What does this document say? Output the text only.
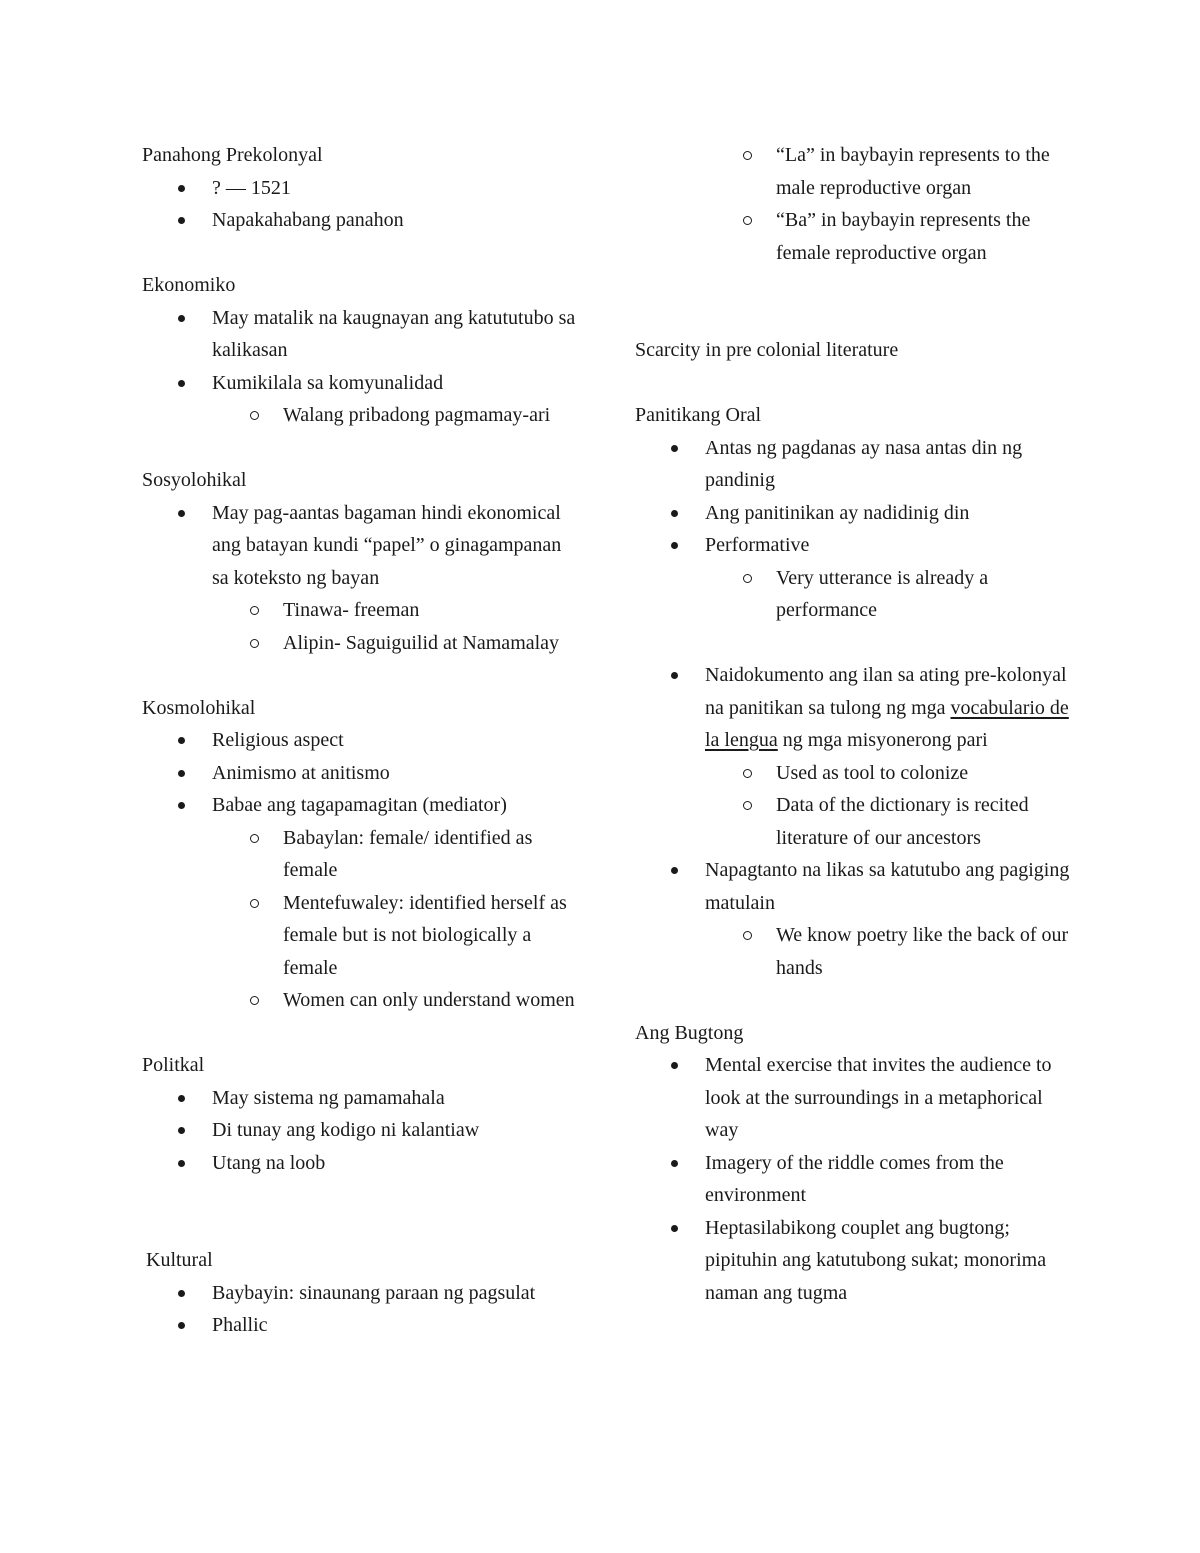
Panahong Prekolonyal

? — 1521
Napakahabang panahon

Ekonomiko

May matalik na kaugnayan ang katututubo sa kalikasan
Kumikilala sa komyunalidad
Walang pribadong pagmamay-ari

Sosyolohikal

May pag-aantas bagaman hindi ekonomical ang batayan kundi “papel” o ginagampanan sa koteksto ng bayan
Tinawa- freeman
Alipin- Saguiguilid at Namamalay

Kosmolohikal

Religious aspect
Animismo at anitismo
Babae ang tagapamagitan (mediator)
Babaylan: female/ identified as female
Mentefuwaley: identified herself as female but is not biologically a female
Women can only understand women

Politkal

May sistema ng pamamahala
Di tunay ang kodigo ni kalantiaw
Utang na loob

Kultural

Baybayin: sinaunang paraan ng pagsulat
Phallic
“La” in baybayin represents to the male reproductive organ
“Ba” in baybayin represents the female reproductive organ

Scarcity in pre colonial literature

Panitikang Oral

Antas ng pagdanas ay nasa antas din ng pandinig
Ang panitinikan ay nadidinig din
Performative
Very utterance is already a performance
Naidokumento ang ilan sa ating pre-kolonyal na panitikan sa tulong ng mga vocabulario de la lengua ng mga misyonerong pari
Used as tool to colonize
Data of the dictionary is recited literature of our ancestors
Napagtanto na likas sa katutubo ang pagiging matulain
We know poetry like the back of our hands

Ang Bugtong

Mental exercise that invites the audience to look at the surroundings in a metaphorical way
Imagery of the riddle comes from the environment
Heptasilabikong couplet ang bugtong; pipituhin ang katutubong sukat; monorima naman ang tugma
